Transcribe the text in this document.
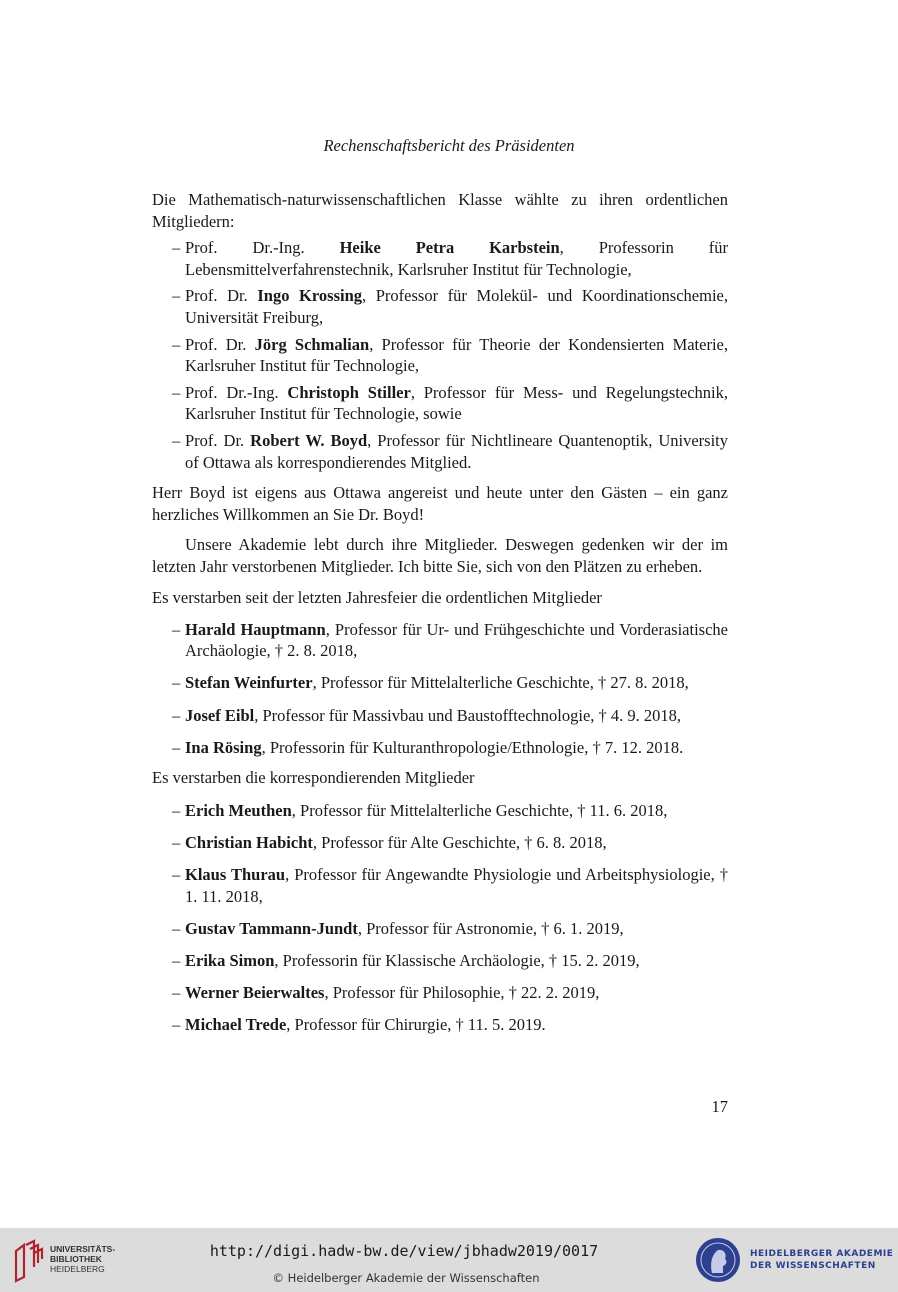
Rechenschaftsbericht des Präsidenten

Die Mathematisch-naturwissenschaftlichen Klasse wählte zu ihren ordentlichen Mitgliedern:

– Prof. Dr.-Ing. Heike Petra Karbstein, Professorin für Lebensmittelverfahrenstechnik, Karlsruher Institut für Technologie,
– Prof. Dr. Ingo Krossing, Professor für Molekül- und Koordinationschemie, Universität Freiburg,
– Prof. Dr. Jörg Schmalian, Professor für Theorie der Kondensierten Materie, Karlsruher Institut für Technologie,
– Prof. Dr.-Ing. Christoph Stiller, Professor für Mess- und Regelungstechnik, Karlsruher Institut für Technologie, sowie
– Prof. Dr. Robert W. Boyd, Professor für Nichtlineare Quantenoptik, University of Ottawa als korrespondierendes Mitglied.

Herr Boyd ist eigens aus Ottawa angereist und heute unter den Gästen – ein ganz herzliches Willkommen an Sie Dr. Boyd!

Unsere Akademie lebt durch ihre Mitglieder. Deswegen gedenken wir der im letzten Jahr verstorbenen Mitglieder. Ich bitte Sie, sich von den Plätzen zu erheben.

Es verstarben seit der letzten Jahresfeier die ordentlichen Mitglieder

– Harald Hauptmann, Professor für Ur- und Frühgeschichte und Vorderasiatische Archäologie, † 2. 8. 2018,
– Stefan Weinfurter, Professor für Mittelalterliche Geschichte, † 27. 8. 2018,
– Josef Eibl, Professor für Massivbau und Baustofftechnologie, † 4. 9. 2018,
– Ina Rösing, Professorin für Kulturanthropologie/Ethnologie, † 7. 12. 2018.

Es verstarben die korrespondierenden Mitglieder

– Erich Meuthen, Professor für Mittelalterliche Geschichte, † 11. 6. 2018,
– Christian Habicht, Professor für Alte Geschichte, † 6. 8. 2018,
– Klaus Thurau, Professor für Angewandte Physiologie und Arbeitsphysiologie, † 1. 11. 2018,
– Gustav Tammann-Jundt, Professor für Astronomie, † 6. 1. 2019,
– Erika Simon, Professorin für Klassische Archäologie, † 15. 2. 2019,
– Werner Beierwaltes, Professor für Philosophie, † 22. 2. 2019,
– Michael Trede, Professor für Chirurgie, † 11. 5. 2019.
17
UNIVERSITÄTS-
BIBLIOTHEK
HEIDELBERG
http://digi.hadw-bw.de/view/jbhadw2019/0017
© Heidelberger Akademie der Wissenschaften
HEIDELBERGER AKADEMIE
DER WISSENSCHAFTEN
